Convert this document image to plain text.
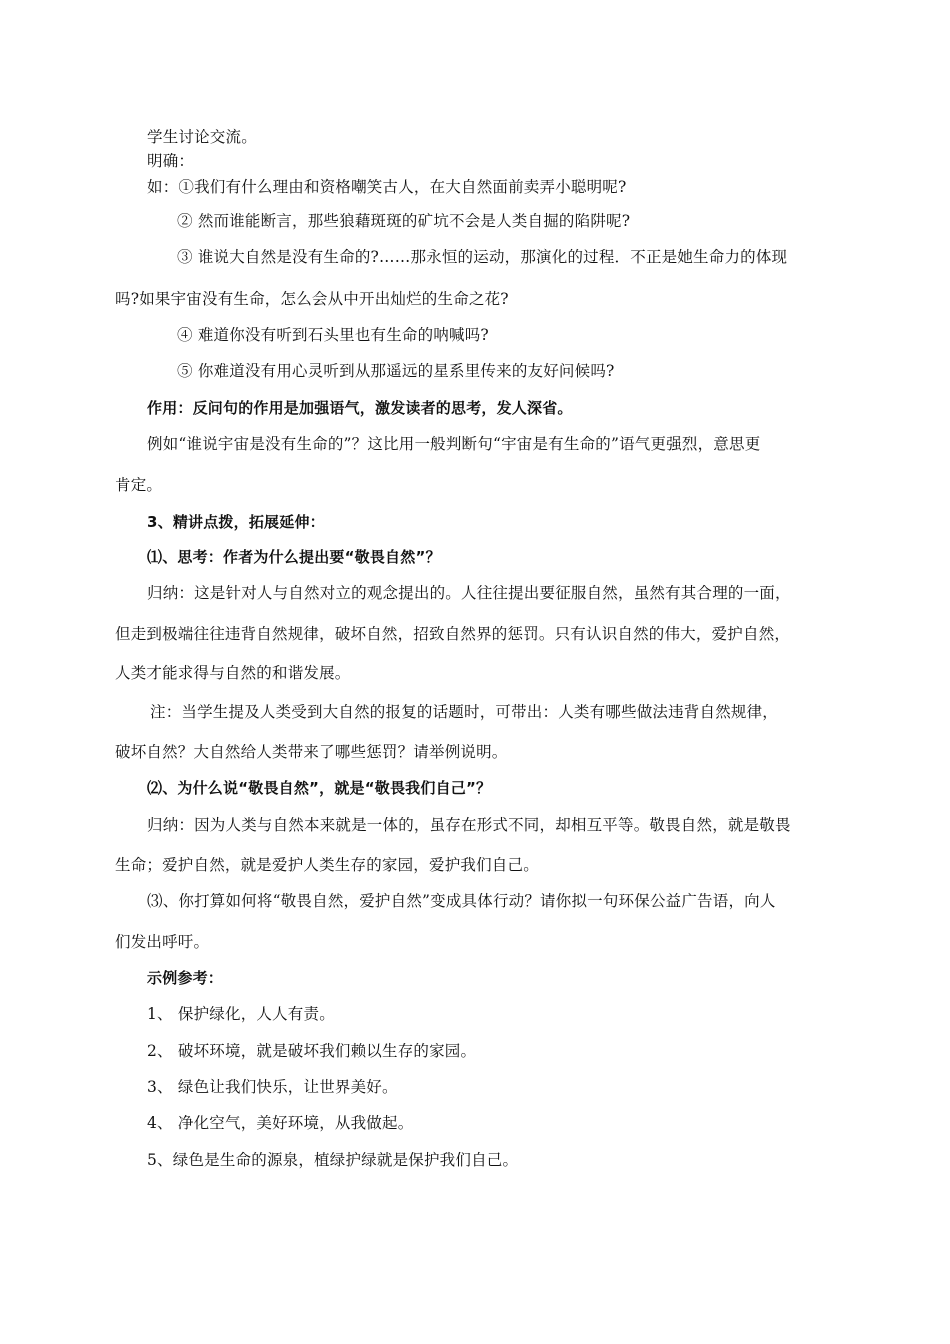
学生讨论交流。
明确：
如：①我们有什么理由和资格嘲笑古人，在大自然面前卖弄小聪明呢?
② 然而谁能断言，那些狼藉斑斑的矿坑不会是人类自掘的陷阱呢?
③ 谁说大自然是没有生命的?……那永恒的运动，那演化的过程．不正是她生命力的体现
吗?如果宇宙没有生命，怎么会从中开出灿烂的生命之花?
④ 难道你没有听到石头里也有生命的呐喊吗?
⑤ 你难道没有用心灵听到从那遥远的星系里传来的友好问候吗?
作用：反问句的作用是加强语气，激发读者的思考，发人深省。
例如“谁说宇宙是没有生命的”？这比用一般判断句“宇宙是有生命的”语气更强烈，意思更
肯定。
3、精讲点拨，拓展延伸：
⑴、思考：作者为什么提出要“敬畏自然”？
归纳：这是针对人与自然对立的观念提出的。人往往提出要征服自然，虽然有其合理的一面，
但走到极端往往违背自然规律，破坏自然，招致自然界的惩罚。只有认识自然的伟大，爱护自然，
人类才能求得与自然的和谐发展。
注：当学生提及人类受到大自然的报复的话题时，可带出：人类有哪些做法违背自然规律，
破坏自然？大自然给人类带来了哪些惩罚？请举例说明。
⑵、为什么说“敬畏自然”，就是“敬畏我们自己”？
归纳：因为人类与自然本来就是一体的，虽存在形式不同，却相互平等。敬畏自然，就是敬畏
生命；爱护自然，就是爱护人类生存的家园，爱护我们自己。
⑶、你打算如何将“敬畏自然，爱护自然”变成具体行动？请你拟一句环保公益广告语，向人
们发出呼吁。
示例参考：
1、 保护绿化，人人有责。
2、 破坏环境，就是破坏我们赖以生存的家园。
3、 绿色让我们快乐，让世界美好。
4、 净化空气，美好环境，从我做起。
5、绿色是生命的源泉，植绿护绿就是保护我们自己。
